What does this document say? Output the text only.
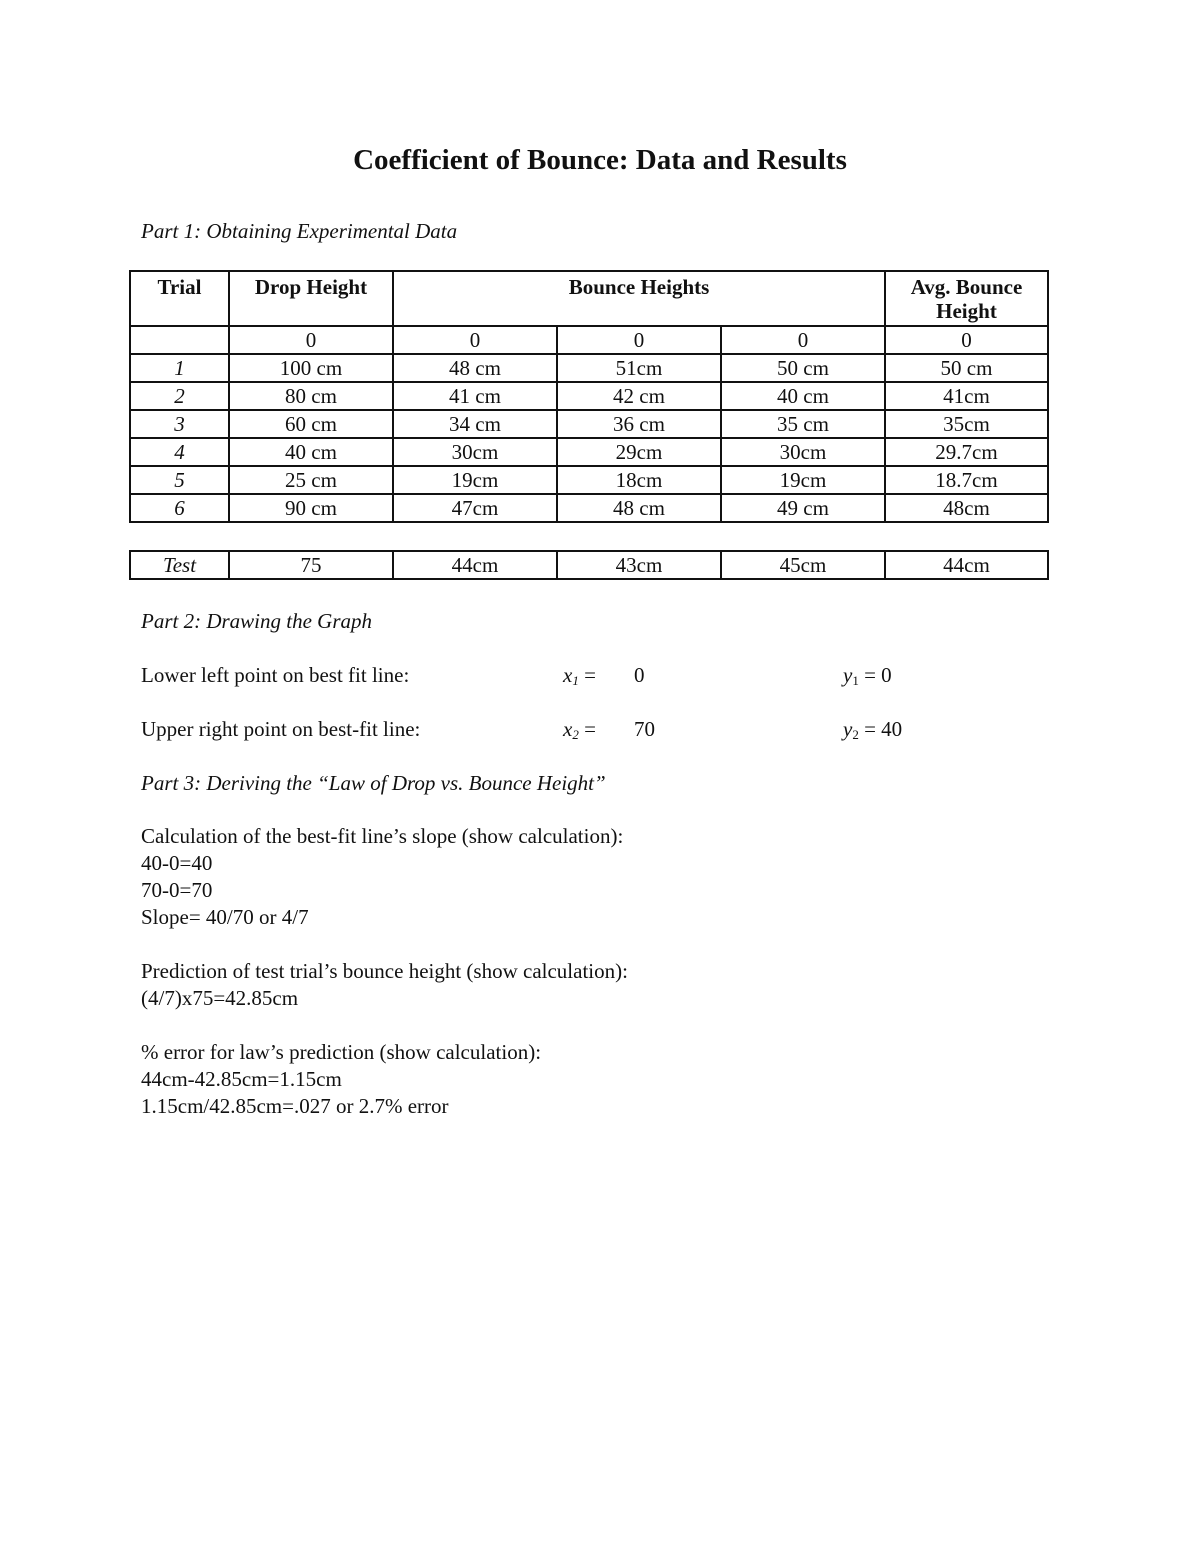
Coefficient of Bounce: Data and Results
Part 1: Obtaining Experimental Data
Trial	Drop Height	Bounce Heights			Avg. Bounce Height
	0	0	0	0	0
1	100 cm	48 cm	51cm	50 cm	50 cm
2	80 cm	41 cm	42 cm	40 cm	41cm
3	60 cm	34 cm	36 cm	35 cm	35cm
4	40 cm	30cm	29cm	30cm	29.7cm
5	25 cm	19cm	18cm	19cm	18.7cm
6	90 cm	47cm	48 cm	49 cm	48cm
Test	75	44cm	43cm	45cm	44cm
Part 2: Drawing the Graph
Lower left point on best fit line:	$x_1 = 0$	$y_1 = 0$
Upper right point on best-fit line:	$x_2 = 70$	$y_2 = 40$
Part 3: Deriving the “Law of Drop vs. Bounce Height”

Calculation of the best-fit line’s slope (show calculation):

40-0=40

70-0=70

Slope= 40/70 or 4/7

Prediction of test trial’s bounce height (show calculation):

(4/7)x75=42.85cm

% error for law’s prediction (show calculation):

44cm-42.85cm=1.15cm

1.15cm/42.85cm=.027 or 2.7% error
